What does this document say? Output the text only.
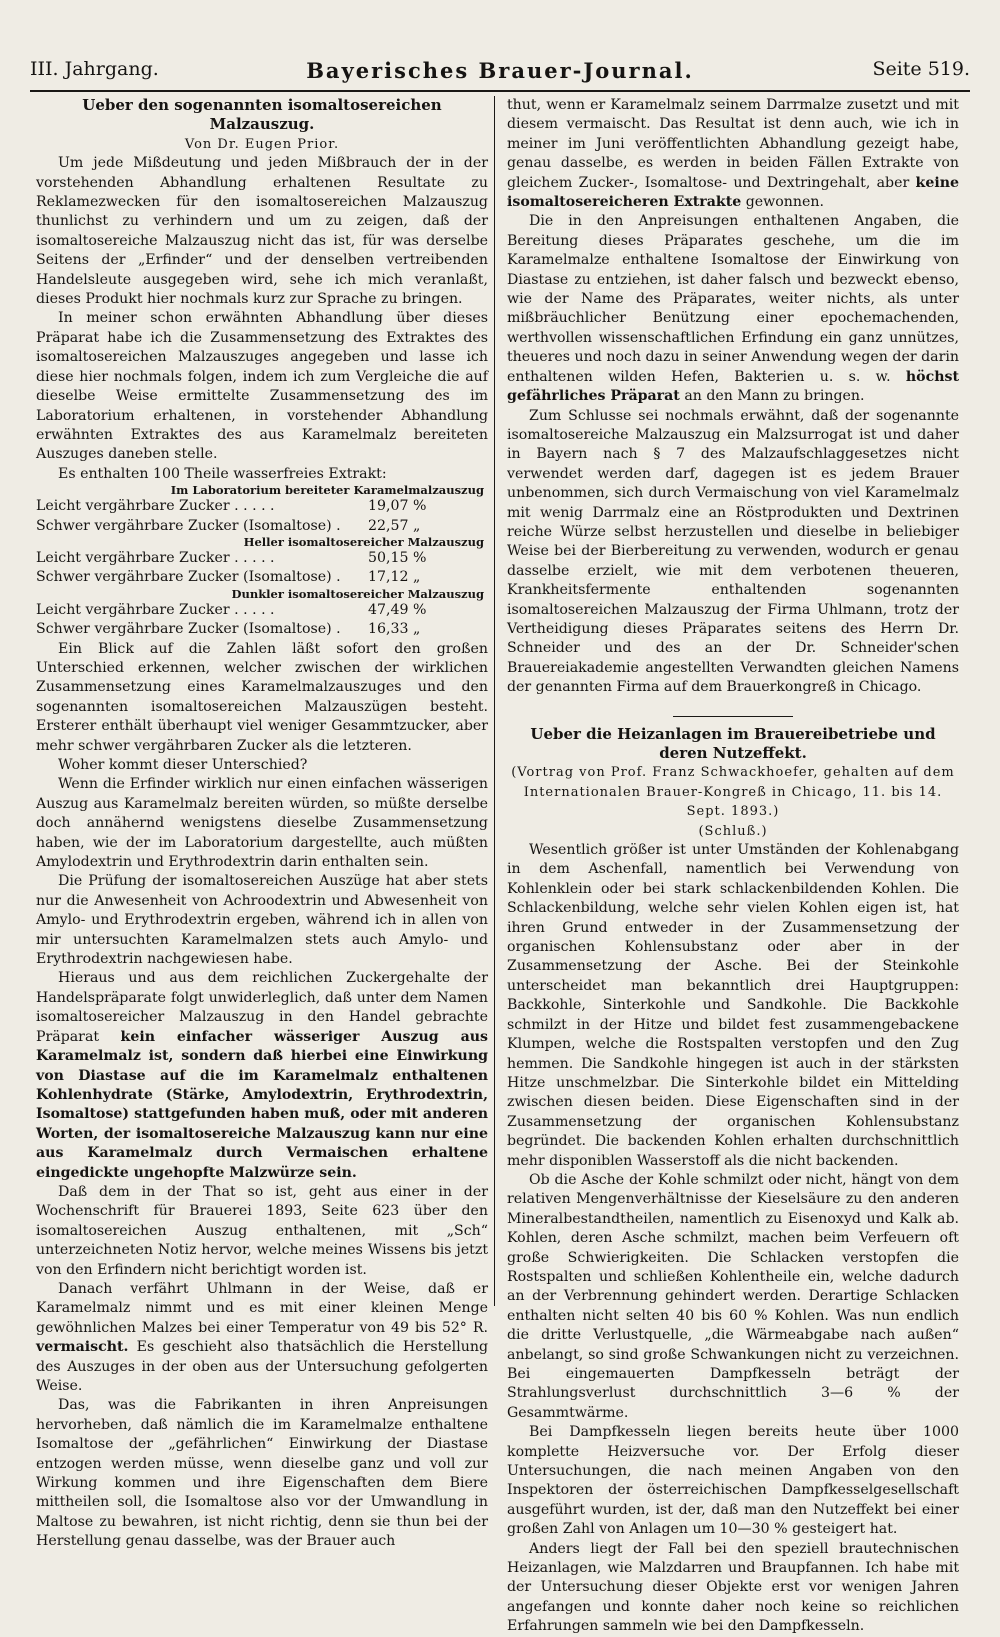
III. Jahrgang.	Bayerisches Brauer-Journal.	Seite 519.

Ueber den sogenannten isomaltosereichen Malzauszug.

Von Dr. Eugen Prior.

Um jede Mißdeutung und jeden Mißbrauch der in der vorstehenden Abhandlung erhaltenen Resultate zu Reklamezwecken für den isomaltosereichen Malzauszug thunlichst zu verhindern und um zu zeigen, daß der isomaltosereiche Malzauszug nicht das ist, für was derselbe Seitens der „Erfinder“ und der denselben vertreibenden Handelsleute ausgegeben wird, sehe ich mich veranlaßt, dieses Produkt hier nochmals kurz zur Sprache zu bringen.

In meiner schon erwähnten Abhandlung über dieses Präparat habe ich die Zusammensetzung des Extraktes des isomaltosereichen Malzauszuges angegeben und lasse ich diese hier nochmals folgen, indem ich zum Vergleiche die auf dieselbe Weise ermittelte Zusammensetzung des im Laboratorium erhaltenen, in vorstehender Abhandlung erwähnten Extraktes des aus Karamelmalz bereiteten Auszuges daneben stelle.

Es enthalten 100 Theile wasserfreies Extrakt:

Im Laboratorium bereiteter Karamelmalzauszug
Leicht vergährbare Zucker . . . . .	19,07 %
Schwer vergährbare Zucker (Isomaltose) . 22,57 „
Heller isomaltosereicher Malzauszug
Leicht vergährbare Zucker . . . . .	50,15 %
Schwer vergährbare Zucker (Isomaltose) . 17,12 „
Dunkler isomaltosereicher Malzauszug
Leicht vergährbare Zucker . . . . .	47,49 %
Schwer vergährbare Zucker (Isomaltose) . 16,33 „

Ein Blick auf die Zahlen läßt sofort den großen Unterschied erkennen, welcher zwischen der wirklichen Zusammensetzung eines Karamelmalzauszuges und den sogenannten isomaltosereichen Malzauszügen besteht. Ersterer enthält überhaupt viel weniger Gesammtzucker, aber mehr schwer vergährbaren Zucker als die letzteren.

Woher kommt dieser Unterschied?

Wenn die Erfinder wirklich nur einen einfachen wässerigen Auszug aus Karamelmalz bereiten würden, so müßte derselbe doch annähernd wenigstens dieselbe Zusammensetzung haben, wie der im Laboratorium dargestellte, auch müßten Amylodextrin und Erythrodextrin darin enthalten sein.

Die Prüfung der isomaltosereichen Auszüge hat aber stets nur die Anwesenheit von Achroodextrin und Abwesenheit von Amylo- und Erythrodextrin ergeben, während ich in allen von mir untersuchten Karamelmalzen stets auch Amylo- und Erythrodextrin nachgewiesen habe.

Hieraus und aus dem reichlichen Zuckergehalte der Handelspräparate folgt unwiderleglich, daß unter dem Namen isomaltosereicher Malzauszug in den Handel gebrachte Präparat kein einfacher wässeriger Auszug aus Karamelmalz ist, sondern daß hierbei eine Einwirkung von Diastase auf die im Karamelmalz enthaltenen Kohlenhydrate (Stärke, Amylodextrin, Erythrodextrin, Isomaltose) stattgefunden haben muß, oder mit anderen Worten, der isomaltosereiche Malzauszug kann nur eine aus Karamelmalz durch Vermaischen erhaltene eingedickte ungehopfte Malzwürze sein.

Daß dem in der That so ist, geht aus einer in der Wochenschrift für Brauerei 1893, Seite 623 über den isomaltosereichen Auszug enthaltenen, mit „Sch“ unterzeichneten Notiz hervor, welche meines Wissens bis jetzt von den Erfindern nicht berichtigt worden ist.

Danach verfährt Uhlmann in der Weise, daß er Karamelmalz nimmt und es mit einer kleinen Menge gewöhnlichen Malzes bei einer Temperatur von 49 bis 52° R. vermaischt. Es geschieht also thatsächlich die Herstellung des Auszuges in der oben aus der Untersuchung gefolgerten Weise.

Das, was die Fabrikanten in ihren Anpreisungen hervorheben, daß nämlich die im Karamelmalze enthaltene Isomaltose der „gefährlichen“ Einwirkung der Diastase entzogen werden müsse, wenn dieselbe ganz und voll zur Wirkung kommen und ihre Eigenschaften dem Biere mittheilen soll, die Isomaltose also vor der Umwandlung in Maltose zu bewahren, ist nicht richtig, denn sie thun bei der Herstellung genau dasselbe, was der Brauer auch

thut, wenn er Karamelmalz seinem Darrmalze zusetzt und mit diesem vermaischt. Das Resultat ist denn auch, wie ich in meiner im Juni veröffentlichten Abhandlung gezeigt habe, genau dasselbe, es werden in beiden Fällen Extrakte von gleichem Zucker-, Isomaltose- und Dextringehalt, aber keine isomaltosereicheren Extrakte gewonnen.

Die in den Anpreisungen enthaltenen Angaben, die Bereitung dieses Präparates geschehe, um die im Karamelmalze enthaltene Isomaltose der Einwirkung von Diastase zu entziehen, ist daher falsch und bezweckt ebenso, wie der Name des Präparates, weiter nichts, als unter mißbräuchlicher Benützung einer epochemachenden, werthvollen wissenschaftlichen Erfindung ein ganz unnützes, theueres und noch dazu in seiner Anwendung wegen der darin enthaltenen wilden Hefen, Bakterien u. s. w. höchst gefährliches Präparat an den Mann zu bringen.

Zum Schlusse sei nochmals erwähnt, daß der sogenannte isomaltosereiche Malzauszug ein Malzsurrogat ist und daher in Bayern nach § 7 des Malzaufschlaggesetzes nicht verwendet werden darf, dagegen ist es jedem Brauer unbenommen, sich durch Vermaischung von viel Karamelmalz mit wenig Darrmalz eine an Röstprodukten und Dextrinen reiche Würze selbst herzustellen und dieselbe in beliebiger Weise bei der Bierbereitung zu verwenden, wodurch er genau dasselbe erzielt, wie mit dem verbotenen theueren, Krankheitsfermente enthaltenden sogenannten isomaltosereichen Malzauszug der Firma Uhlmann, trotz der Vertheidigung dieses Präparates seitens des Herrn Dr. Schneider und des an der Dr. Schneider'schen Brauereiakademie angestellten Verwandten gleichen Namens der genannten Firma auf dem Brauerkongreß in Chicago.

Ueber die Heizanlagen im Brauereibetriebe und deren Nutzeffekt.

(Vortrag von Prof. Franz Schwackhoefer, gehalten auf dem Internationalen Brauer-Kongreß in Chicago, 11. bis 14. Sept. 1893.)

(Schluß.)

Wesentlich größer ist unter Umständen der Kohlenabgang in dem Aschenfall, namentlich bei Verwendung von Kohlenklein oder bei stark schlackenbildenden Kohlen. Die Schlackenbildung, welche sehr vielen Kohlen eigen ist, hat ihren Grund entweder in der Zusammensetzung der organischen Kohlensubstanz oder aber in der Zusammensetzung der Asche. Bei der Steinkohle unterscheidet man bekanntlich drei Hauptgruppen: Backkohle, Sinterkohle und Sandkohle. Die Backkohle schmilzt in der Hitze und bildet fest zusammengebackene Klumpen, welche die Rostspalten verstopfen und den Zug hemmen. Die Sandkohle hingegen ist auch in der stärksten Hitze unschmelzbar. Die Sinterkohle bildet ein Mittelding zwischen diesen beiden. Diese Eigenschaften sind in der Zusammensetzung der organischen Kohlensubstanz begründet. Die backenden Kohlen erhalten durchschnittlich mehr disponiblen Wasserstoff als die nicht backenden.

Ob die Asche der Kohle schmilzt oder nicht, hängt von dem relativen Mengenverhältnisse der Kieselsäure zu den anderen Mineralbestandtheilen, namentlich zu Eisenoxyd und Kalk ab. Kohlen, deren Asche schmilzt, machen beim Verfeuern oft große Schwierigkeiten. Die Schlacken verstopfen die Rostspalten und schließen Kohlentheile ein, welche dadurch an der Verbrennung gehindert werden. Derartige Schlacken enthalten nicht selten 40 bis 60 % Kohlen. Was nun endlich die dritte Verlustquelle, „die Wärmeabgabe nach außen“ anbelangt, so sind große Schwankungen nicht zu verzeichnen. Bei eingemauerten Dampfkesseln beträgt der Strahlungsverlust durchschnittlich 3—6 % der Gesammtwärme.

Bei Dampfkesseln liegen bereits heute über 1000 komplette Heizversuche vor. Der Erfolg dieser Untersuchungen, die nach meinen Angaben von den Inspektoren der österreichischen Dampfkesselgesellschaft ausgeführt wurden, ist der, daß man den Nutzeffekt bei einer großen Zahl von Anlagen um 10—30 % gesteigert hat.

Anders liegt der Fall bei den speziell brautechnischen Heizanlagen, wie Malzdarren und Braupfannen. Ich habe mit der Untersuchung dieser Objekte erst vor wenigen Jahren angefangen und konnte daher noch keine so reichlichen Erfahrungen sammeln wie bei den Dampfkesseln.
